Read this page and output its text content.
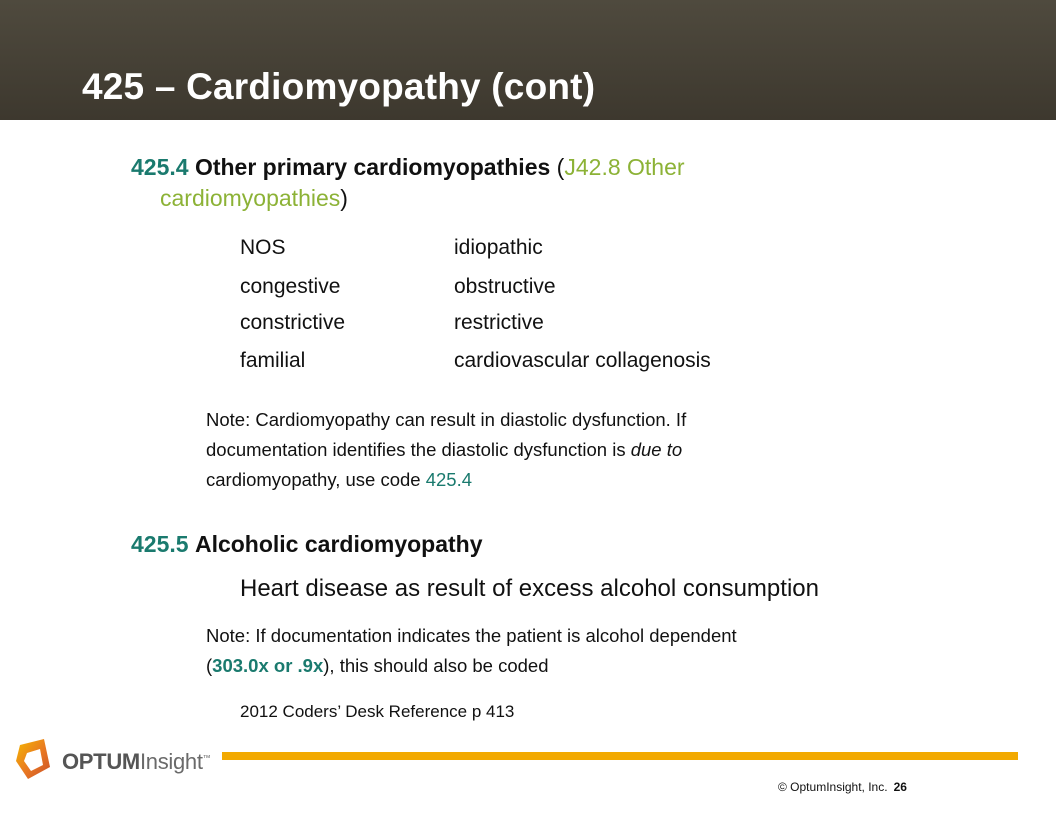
425 – Cardiomyopathy (cont)

425.4 Other primary cardiomyopathies (J42.8 Other
cardiomyopathies)

NOS	idiopathic

congestive	obstructive

constrictive	restrictive

familial	cardiovascular collagenosis

Note: Cardiomyopathy can result in diastolic dysfunction. If
documentation identifies the diastolic dysfunction is due to
cardiomyopathy, use code 425.4

425.5 Alcoholic cardiomyopathy

Heart disease as result of excess alcohol consumption

Note: If documentation indicates the patient is alcohol dependent
(303.0x or .9x), this should also be coded

2012 Coders’ Desk Reference p 413

OPTUMInsight™
© OptumInsight, Inc. 26
